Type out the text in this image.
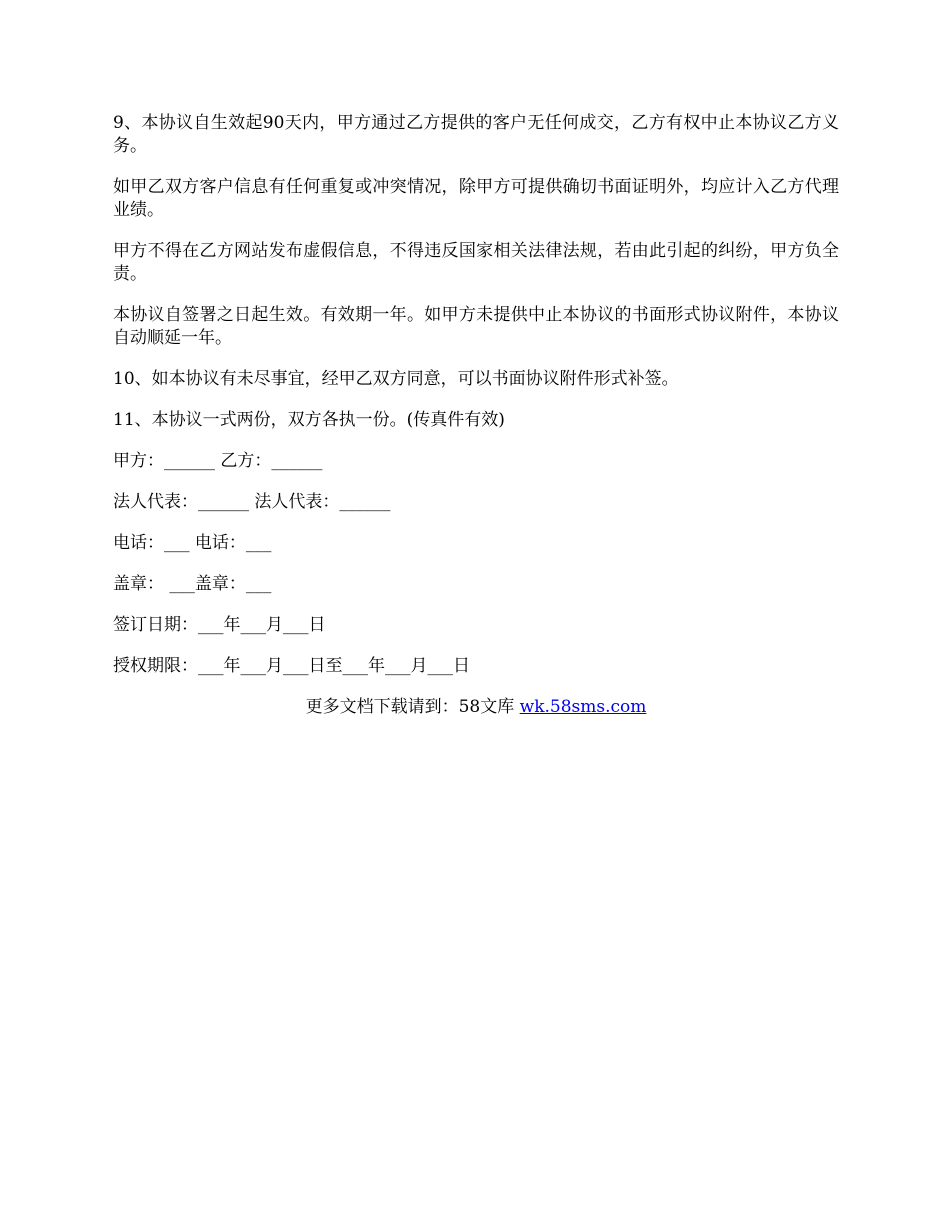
9、本协议自生效起90天内，甲方通过乙方提供的客户无任何成交，乙方有权中止本协议乙方义务。

如甲乙双方客户信息有任何重复或冲突情况，除甲方可提供确切书面证明外，均应计入乙方代理业绩。

甲方不得在乙方网站发布虚假信息，不得违反国家相关法律法规，若由此引起的纠纷，甲方负全责。

本协议自签署之日起生效。有效期一年。如甲方未提供中止本协议的书面形式协议附件，本协议自动顺延一年。

10、如本协议有未尽事宜，经甲乙双方同意，可以书面协议附件形式补签。

11、本协议一式两份，双方各执一份。(传真件有效)

甲方：______ 乙方：______

法人代表：______ 法人代表：______

电话：___ 电话：___

盖章： ___盖章：___

签订日期：___年___月___日

授权期限：___年___月___日至___年___月___日

更多文档下载请到：58文库 wk.58sms.com
